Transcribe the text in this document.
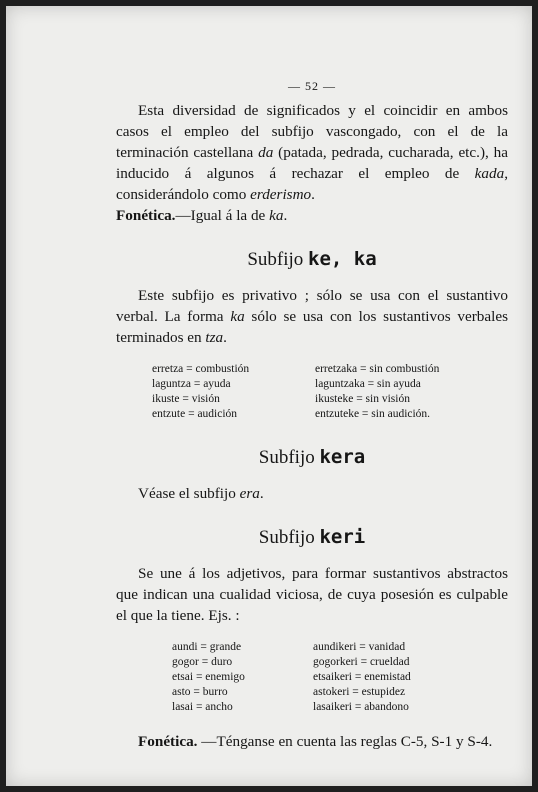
— 52 —

Esta diversidad de significados y el coincidir en ambos casos el empleo del subfijo vascongado, con el de la terminación castellana da (patada, pedrada, cucharada, etc.), ha inducido á algunos á rechazar el empleo de kada, considerándolo como erderismo.

Fonética.—Igual á la de ka.

Subfijo ke, ka

Este subfijo es privativo ; sólo se usa con el sustantivo verbal. La forma ka sólo se usa con los sustantivos verbales terminados en tza.

erretza = combustión	erretzaka = sin combustión
laguntza = ayuda	laguntzaka = sin ayuda
ikuste = visión	ikusteke = sin visión
entzute = audición	entzuteke = sin audición.
Subfijo kera

Véase el subfijo era.

Subfijo keri

Se une á los adjetivos, para formar sustantivos abstractos que indican una cualidad viciosa, de cuya posesión es culpable el que la tiene. Ejs. :

aundi = grande	aundikeri = vanidad
gogor = duro	gogorkeri = crueldad
etsai = enemigo	etsaikeri = enemistad
asto = burro	astokeri = estupidez
lasai = ancho	lasaikeri = abandono

Fonética. —Ténganse en cuenta las reglas C-5, S-1 y S-4.
